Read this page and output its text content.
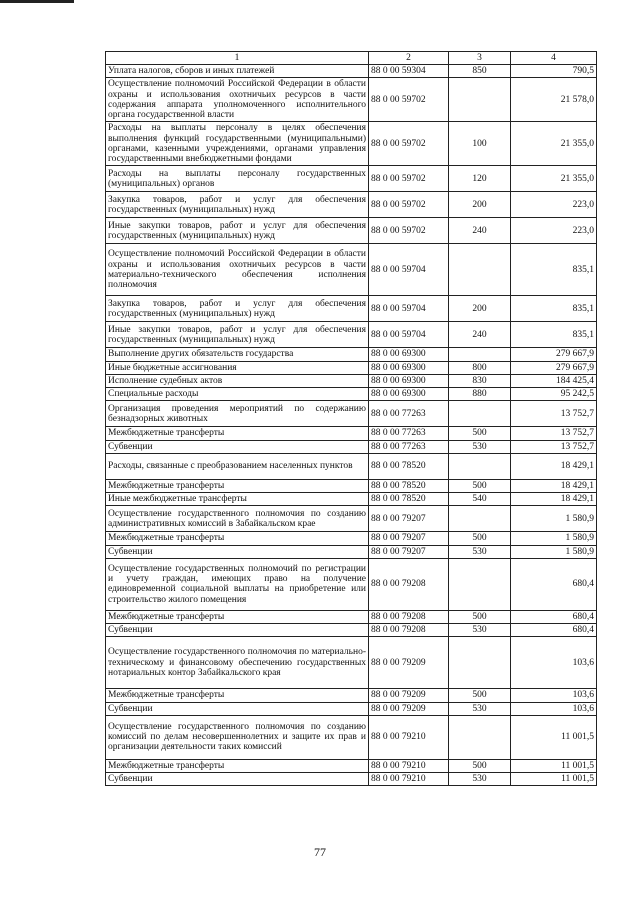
1	2	3	4
Уплата налогов, сборов и иных платежей	88 0 00 59304	850	790,5
Осуществление полномочий Российской Федерации в области охраны и использования охотничьих ресурсов в части содержания аппарата уполномоченного исполнительного органа государственной власти	88 0 00 59702		21 578,0
Расходы на выплаты персоналу в целях обеспечения выполнения функций государственными (муниципальными) органами, казенными учреждениями, органами управления государственными внебюджетными фондами	88 0 00 59702	100	21 355,0
Расходы на выплаты персоналу государственных (муниципальных) органов	88 0 00 59702	120	21 355,0
Закупка товаров, работ и услуг для обеспечения государственных (муниципальных) нужд	88 0 00 59702	200	223,0
Иные закупки товаров, работ и услуг для обеспечения государственных (муниципальных) нужд	88 0 00 59702	240	223,0
Осуществление полномочий Российской Федерации в области охраны и использования охотничьих ресурсов в части материально-технического обеспечения исполнения полномочия	88 0 00 59704		835,1
Закупка товаров, работ и услуг для обеспечения государственных (муниципальных) нужд	88 0 00 59704	200	835,1
Иные закупки товаров, работ и услуг для обеспечения государственных (муниципальных) нужд	88 0 00 59704	240	835,1
Выполнение других обязательств государства	88 0 00 69300		279 667,9
Иные бюджетные ассигнования	88 0 00 69300	800	279 667,9
Исполнение судебных актов	88 0 00 69300	830	184 425,4
Специальные расходы	88 0 00 69300	880	95 242,5
Организация проведения мероприятий по содержанию безнадзорных животных	88 0 00 77263		13 752,7
Межбюджетные трансферты	88 0 00 77263	500	13 752,7
Субвенции	88 0 00 77263	530	13 752,7
Расходы, связанные с преобразованием населенных пунктов	88 0 00 78520		18 429,1
Межбюджетные трансферты	88 0 00 78520	500	18 429,1
Иные межбюджетные трансферты	88 0 00 78520	540	18 429,1
Осуществление государственного полномочия по созданию административных комиссий в Забайкальском крае	88 0 00 79207		1 580,9
Межбюджетные трансферты	88 0 00 79207	500	1 580,9
Субвенции	88 0 00 79207	530	1 580,9
Осуществление государственных полномочий по регистрации и учету граждан, имеющих право на получение единовременной социальной выплаты на приобретение или строительство жилого помещения	88 0 00 79208		680,4
Межбюджетные трансферты	88 0 00 79208	500	680,4
Субвенции	88 0 00 79208	530	680,4
Осуществление государственного полномочия по материально-техническому и финансовому обеспечению государственных нотариальных контор Забайкальского края	88 0 00 79209		103,6
Межбюджетные трансферты	88 0 00 79209	500	103,6
Субвенции	88 0 00 79209	530	103,6
Осуществление государственного полномочия по созданию комиссий по делам несовершеннолетних и защите их прав и организации деятельности таких комиссий	88 0 00 79210		11 001,5
Межбюджетные трансферты	88 0 00 79210	500	11 001,5
Субвенции	88 0 00 79210	530	11 001,5
77
